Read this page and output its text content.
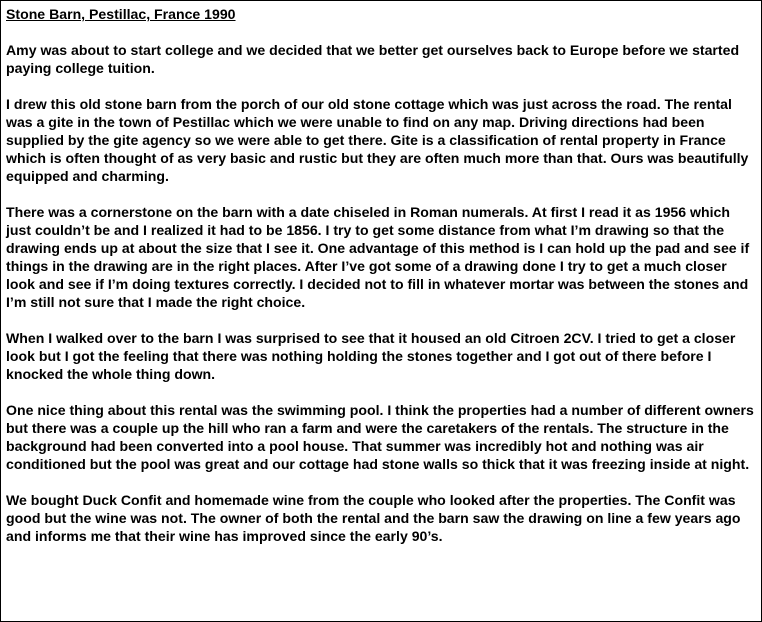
Stone Barn, Pestillac, France 1990

Amy was about to start college and we decided that we better get ourselves back to Europe before we started paying college tuition.

I drew this old stone barn from the porch of our old stone cottage which was just across the road. The rental was a gite in the town of Pestillac which we were unable to find on any map. Driving directions had been supplied by the gite agency so we were able to get there. Gite is a classification of rental property in France which is often thought of as very basic and rustic but they are often much more than that. Ours was beautifully equipped and charming.

There was a cornerstone on the barn with a date chiseled in Roman numerals. At first I read it as 1956 which just couldn’t be and I realized it had to be 1856. I try to get some distance from what I’m drawing so that the drawing ends up at about the size that I see it. One advantage of this method is I can hold up the pad and see if things in the drawing are in the right places. After I’ve got some of a drawing done I try to get a much closer look and see if I’m doing textures correctly. I decided not to fill in whatever mortar was between the stones and I’m still not sure that I made the right choice.

When I walked over to the barn I was surprised to see that it housed an old Citroen 2CV. I tried to get a closer look but I got the feeling that there was nothing holding the stones together and I got out of there before I knocked the whole thing down.

One nice thing about this rental was the swimming pool. I think the properties had a number of different owners but there was a couple up the hill who ran a farm and were the caretakers of the rentals. The structure in the background had been converted into a pool house. That summer was incredibly hot and nothing was air conditioned but the pool was great and our cottage had stone walls so thick that it was freezing inside at night.

We bought Duck Confit and homemade wine from the couple who looked after the properties. The Confit was good but the wine was not. The owner of both the rental and the barn saw the drawing on line a few years ago and informs me that their wine has improved since the early 90’s.
